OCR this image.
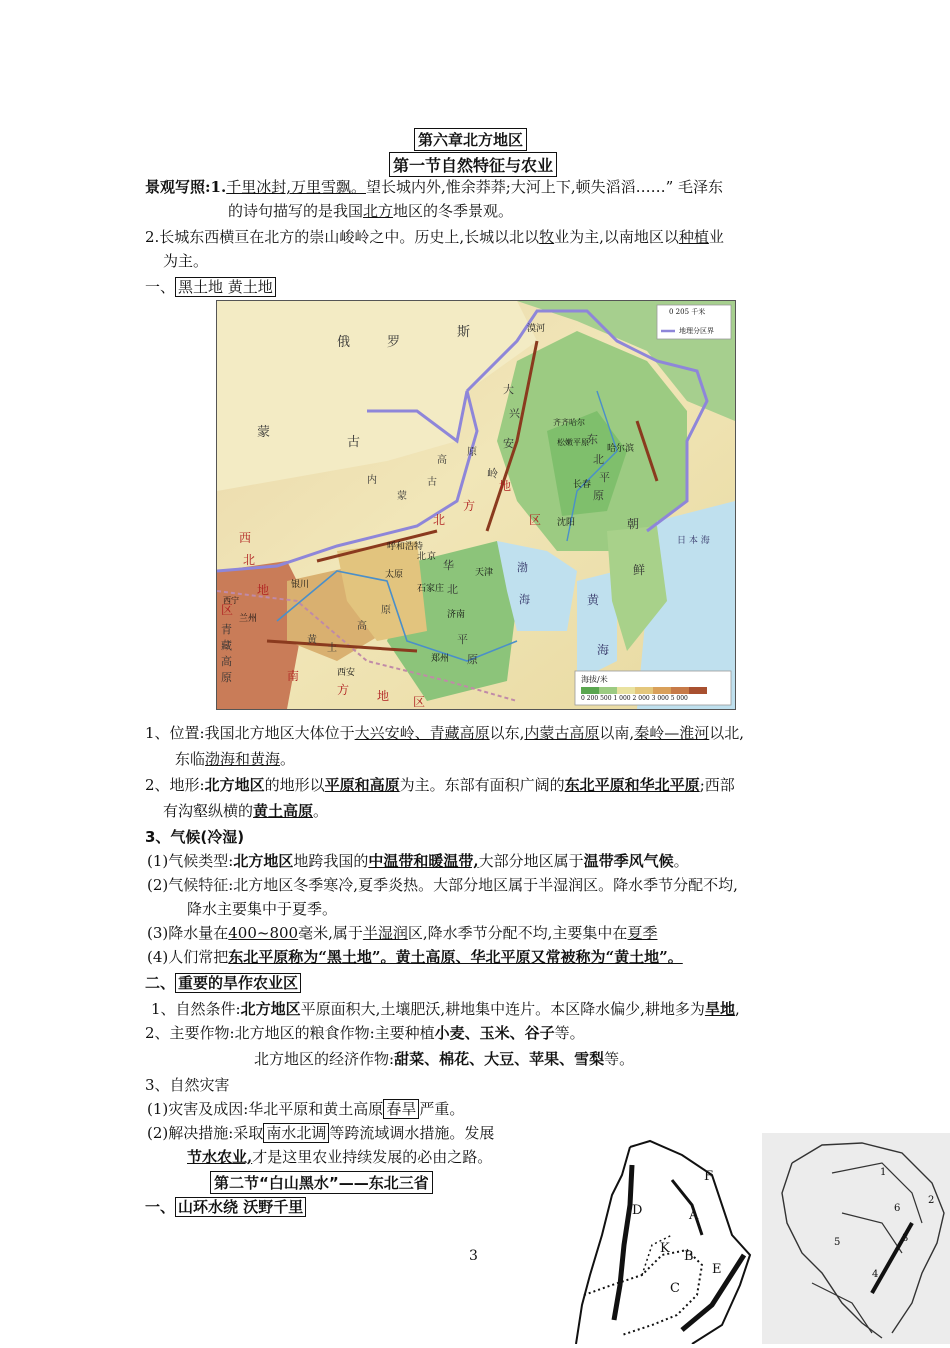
第六章北方地区
第一节自然特征与农业
景观写照:1.千里冰封,万里雪飘。望长城内外,惟余莽莽;大河上下,顿失滔滔……” 毛泽东
的诗句描写的是我国北方地区的冬季景观。
2.长城东西横亘在北方的崇山峻岭之中。历史上,长城以北以牧业为主,以南地区以种植业
为主。
一、 黑土地 黄土地
0 205 千米
地理分区界
海拔/米
0 200 500 1 000 2 000 3 000 5 000
俄	罗
斯
蒙
古
大
兴
安
岭
内
蒙
古
高
原
东
北
平
原
华
北
平
原
黄
土
高
原
朝
鲜
日 本 海
黄
海
渤
海
西
北
地
区
青
藏
高
原	南
方 地 区
北 京
天津
哈尔滨
长春
沈阳
呼和浩特
太原
石家庄
济南
郑州
西安
兰州
银川
西宁
漠河
齐齐哈尔
松嫩平原
北
方
地
区
1、位置:我国北方地区大体位于大兴安岭、青藏高原以东,内蒙古高原以南,秦岭—淮河以北,
东临渤海和黄海。
2、地形:北方地区的地形以平原和高原为主。东部有面积广阔的东北平原和华北平原;西部
有沟壑纵横的黄土高原。
3、气候(冷湿)
(1)气候类型:北方地区地跨我国的中温带和暖温带,大部分地区属于温带季风气候。
(2)气候特征:北方地区冬季寒冷,夏季炎热。大部分地区属于半湿润区。降水季节分配不均,
降水主要集中于夏季。
(3)降水量在400~800毫米,属于半湿润区,降水季节分配不均,主要集中在夏季
(4)人们常把东北平原称为“黑土地”。黄土高原、华北平原又常被称为“黄土地”。
二、 重要的旱作农业区
1、自然条件:北方地区平原面积大,土壤肥沃,耕地集中连片。本区降水偏少,耕地多为旱地,
2、主要作物:北方地区的粮食作物:主要种植小麦、玉米、谷子等。
北方地区的经济作物:甜菜、棉花、大豆、苹果、雪梨等。
3、自然灾害
(1)灾害及成因:华北平原和黄土高原 春旱 严重。
(2)解决措施:采取 南水北调 等跨流域调水措施。发展
节水农业,才是这里农业持续发展的必由之路。
第二节“白山黑水”——东北三省
一、 山环水绕 沃野千里
3
D
F
A
K
B
E
C
1
2
6
3
5
4
